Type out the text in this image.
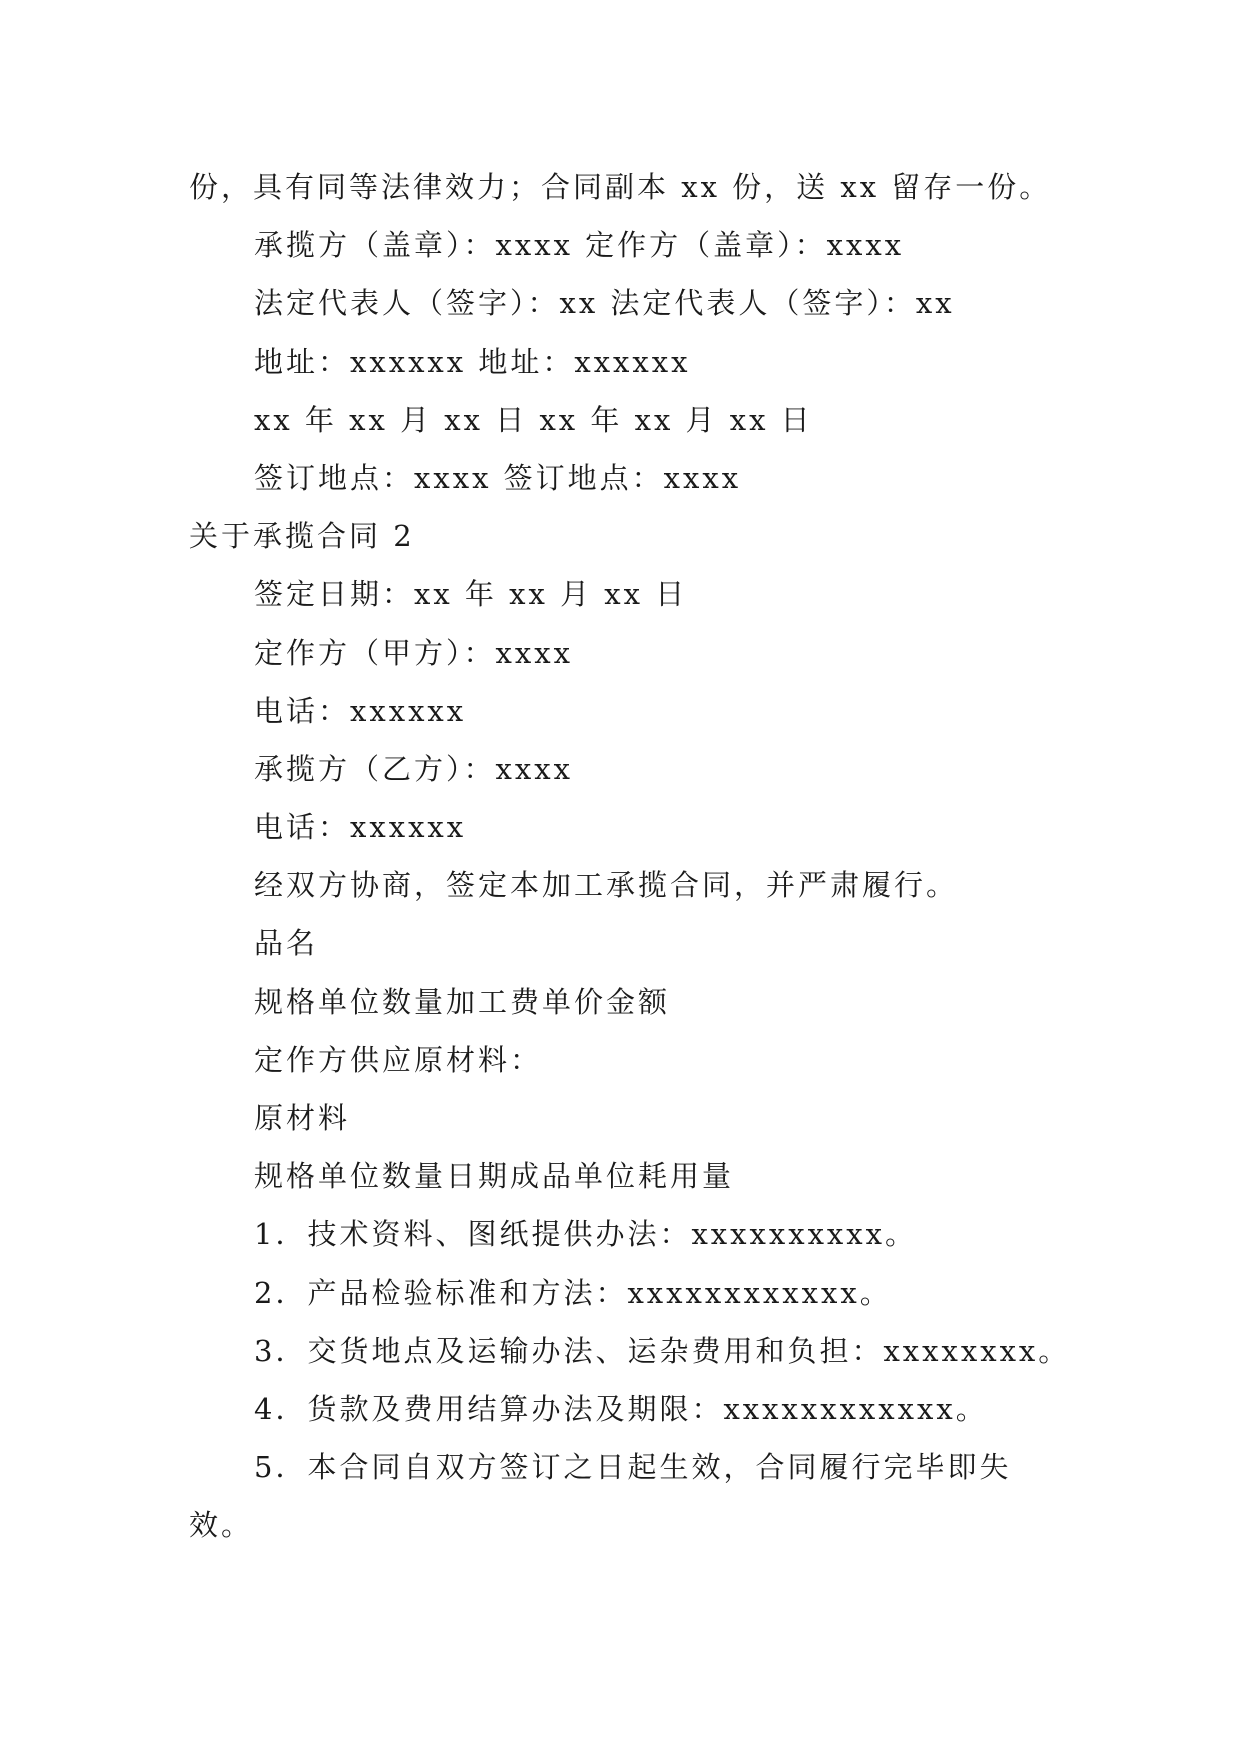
份，具有同等法律效力；合同副本 xx 份，送 xx 留存一份。

承揽方（盖章）：xxxx 定作方（盖章）：xxxx

法定代表人（签字）：xx 法定代表人（签字）：xx

地址：xxxxxx 地址：xxxxxx

xx 年 xx 月 xx 日 xx 年 xx 月 xx 日

签订地点：xxxx 签订地点：xxxx

关于承揽合同 2

签定日期：xx 年 xx 月 xx 日

定作方（甲方）：xxxx

电话：xxxxxx

承揽方（乙方）：xxxx

电话：xxxxxx

经双方协商，签定本加工承揽合同，并严肃履行。

品名

规格单位数量加工费单价金额

定作方供应原材料：

原材料

规格单位数量日期成品单位耗用量

1．技术资料、图纸提供办法：xxxxxxxxxx。

2．产品检验标准和方法：xxxxxxxxxxxx。

3．交货地点及运输办法、运杂费用和负担：xxxxxxxx。

4．货款及费用结算办法及期限：xxxxxxxxxxxx。

5．本合同自双方签订之日起生效，合同履行完毕即失

效。
